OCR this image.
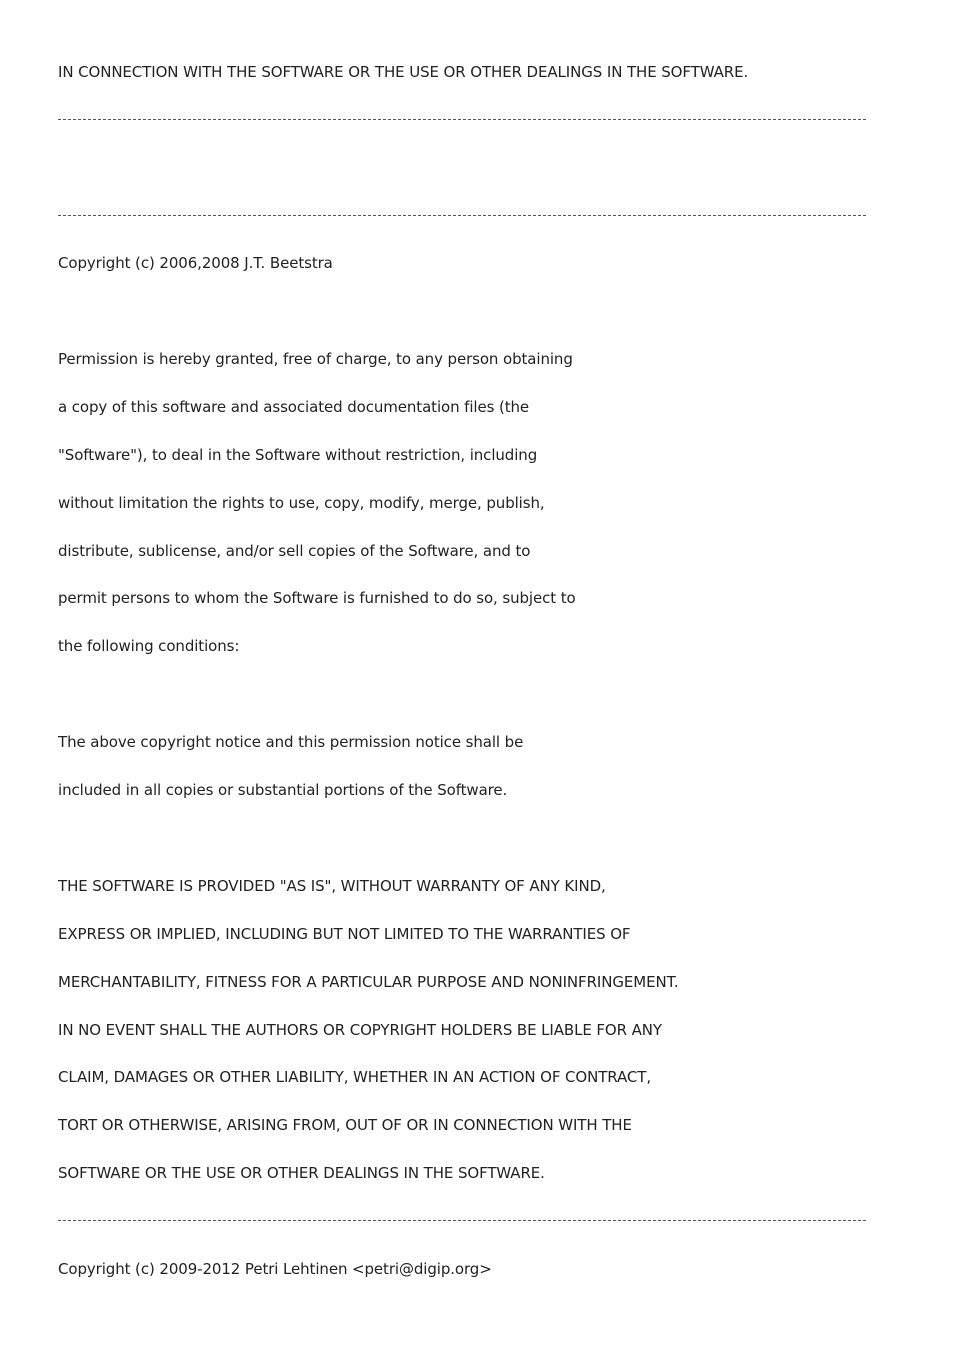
IN CONNECTION WITH THE SOFTWARE OR THE USE OR OTHER DEALINGS IN THE SOFTWARE.
Copyright (c) 2006,2008 J.T. Beetstra
Permission is hereby granted, free of charge, to any person obtaining
a copy of this software and associated documentation files (the
"Software"), to deal in the Software without restriction, including
without limitation the rights to use, copy, modify, merge, publish,
distribute, sublicense, and/or sell copies of the Software, and to
permit persons to whom the Software is furnished to do so, subject to
the following conditions:
The above copyright notice and this permission notice shall be
included in all copies or substantial portions of the Software.
THE SOFTWARE IS PROVIDED "AS IS", WITHOUT WARRANTY OF ANY KIND,
EXPRESS OR IMPLIED, INCLUDING BUT NOT LIMITED TO THE WARRANTIES OF
MERCHANTABILITY, FITNESS FOR A PARTICULAR PURPOSE AND NONINFRINGEMENT.
IN NO EVENT SHALL THE AUTHORS OR COPYRIGHT HOLDERS BE LIABLE FOR ANY
CLAIM, DAMAGES OR OTHER LIABILITY, WHETHER IN AN ACTION OF CONTRACT,
TORT OR OTHERWISE, ARISING FROM, OUT OF OR IN CONNECTION WITH THE
SOFTWARE OR THE USE OR OTHER DEALINGS IN THE SOFTWARE.
Copyright (c) 2009-2012 Petri Lehtinen <petri@digip.org>
